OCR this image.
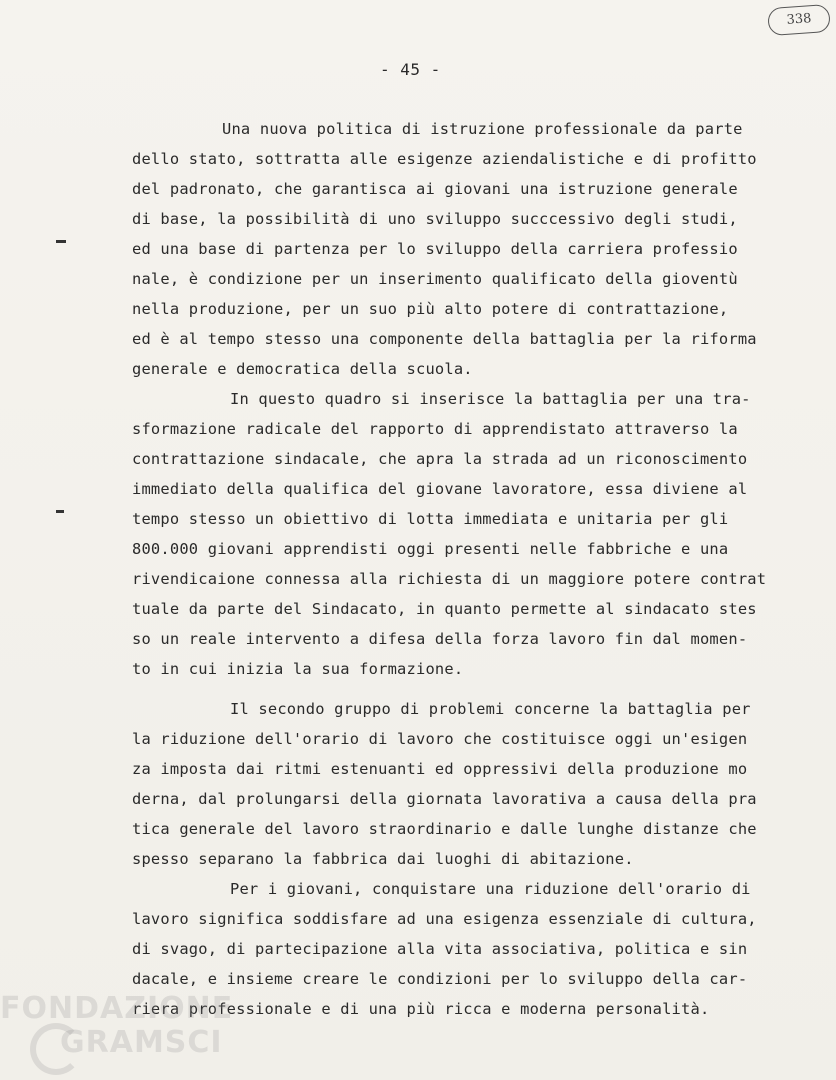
338
- 45 -
Una nuova politica di istruzione professionale da parte
dello stato, sottratta alle esigenze aziendalistiche e di profitto
del padronato, che garantisca ai giovani una istruzione generale
di base, la possibilità di uno sviluppo succcessivo degli studi,
ed una base di partenza per lo sviluppo della carriera professio
nale, è condizione per un inserimento qualificato della gioventù
nella produzione, per un suo più alto potere di contrattazione,
ed è al tempo stesso una componente della battaglia per la riforma
generale e democratica della scuola.
In questo quadro si inserisce la battaglia per una tra-
sformazione radicale del rapporto di apprendistato attraverso la
contrattazione sindacale, che apra la strada ad un riconoscimento
immediato della qualifica del giovane lavoratore, essa diviene al
tempo stesso un obiettivo di lotta immediata e unitaria per gli
800.000 giovani apprendisti oggi presenti nelle fabbriche e una
rivendicaione connessa alla richiesta di un maggiore potere contrat
tuale da parte del Sindacato, in quanto permette al sindacato stes
so un reale intervento a difesa della forza lavoro fin dal momen-
to in cui inizia la sua formazione.
Il secondo gruppo di problemi concerne la battaglia per
la riduzione dell'orario di lavoro che costituisce oggi un'esigen
za imposta dai ritmi estenuanti ed oppressivi della produzione mo
derna, dal prolungarsi della giornata lavorativa a causa della pra
tica generale del lavoro straordinario e dalle lunghe distanze che
spesso separano la fabbrica dai luoghi di abitazione.
Per i giovani, conquistare una riduzione dell'orario di
lavoro significa soddisfare ad una esigenza essenziale di cultura,
di svago, di partecipazione alla vita associativa, politica e sin
dacale, e insieme creare le condizioni per lo sviluppo della car-
riera professionale e di una più ricca e moderna personalità.
FONDAZIONE
GRAMSCI
